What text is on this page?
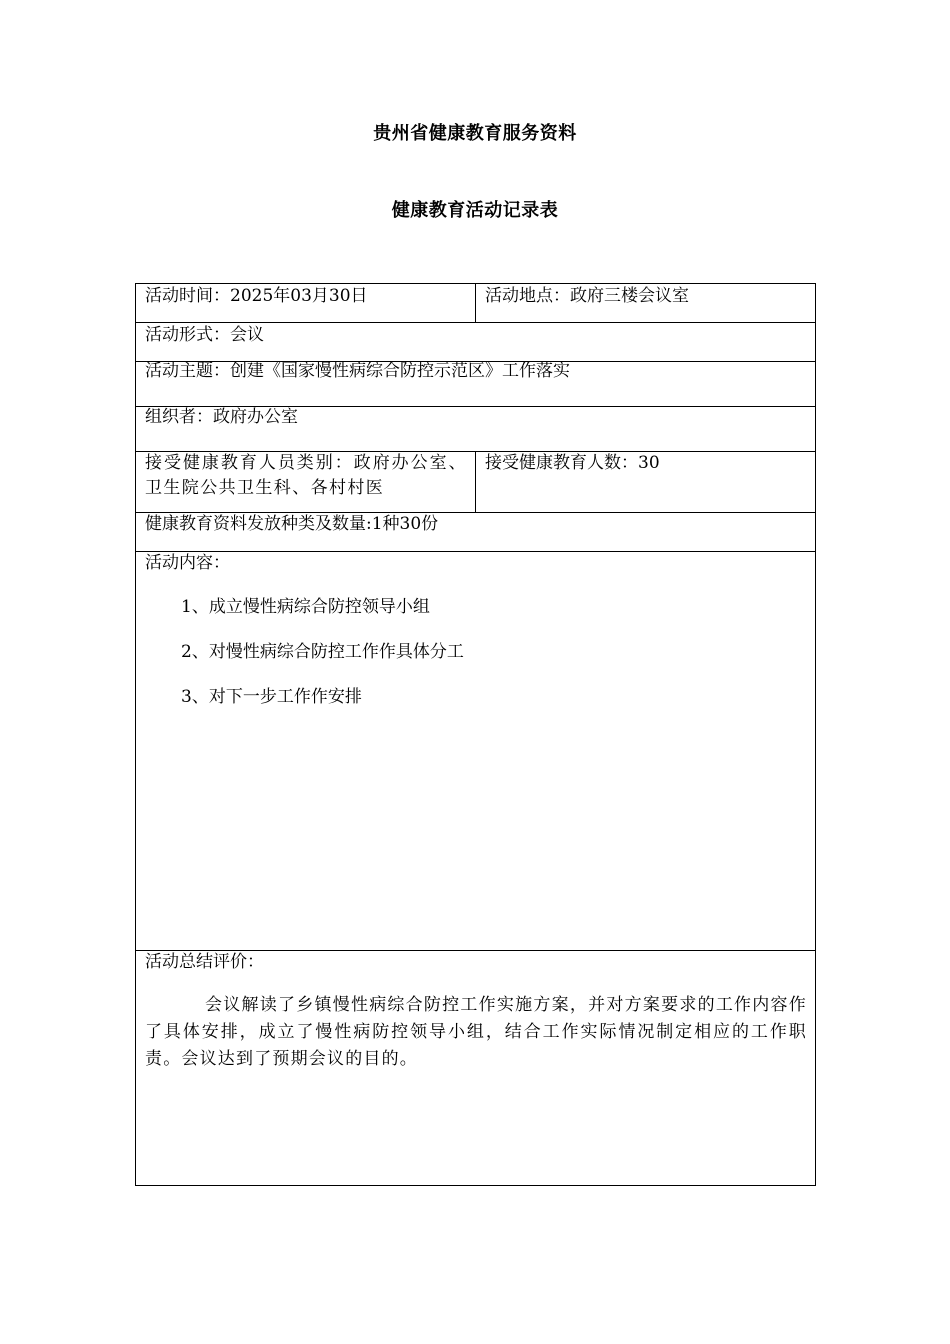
贵州省健康教育服务资料
健康教育活动记录表
活动时间：2025年03月30日	活动地点：政府三楼会议室
活动形式：会议
活动主题：创建《国家慢性病综合防控示范区》工作落实
组织者：政府办公室
接受健康教育人员类别：政府办公室、卫生院公共卫生科、各村村医
接受健康教育人数：30
健康教育资料发放种类及数量:1种30份
活动内容：
1、成立慢性病综合防控领导小组
2、对慢性病综合防控工作作具体分工
3、对下一步工作作安排
活动总结评价：
会议解读了乡镇慢性病综合防控工作实施方案，并对方案要求的工作内容作了具体安排，成立了慢性病防控领导小组，结合工作实际情况制定相应的工作职责。会议达到了预期会议的目的。
